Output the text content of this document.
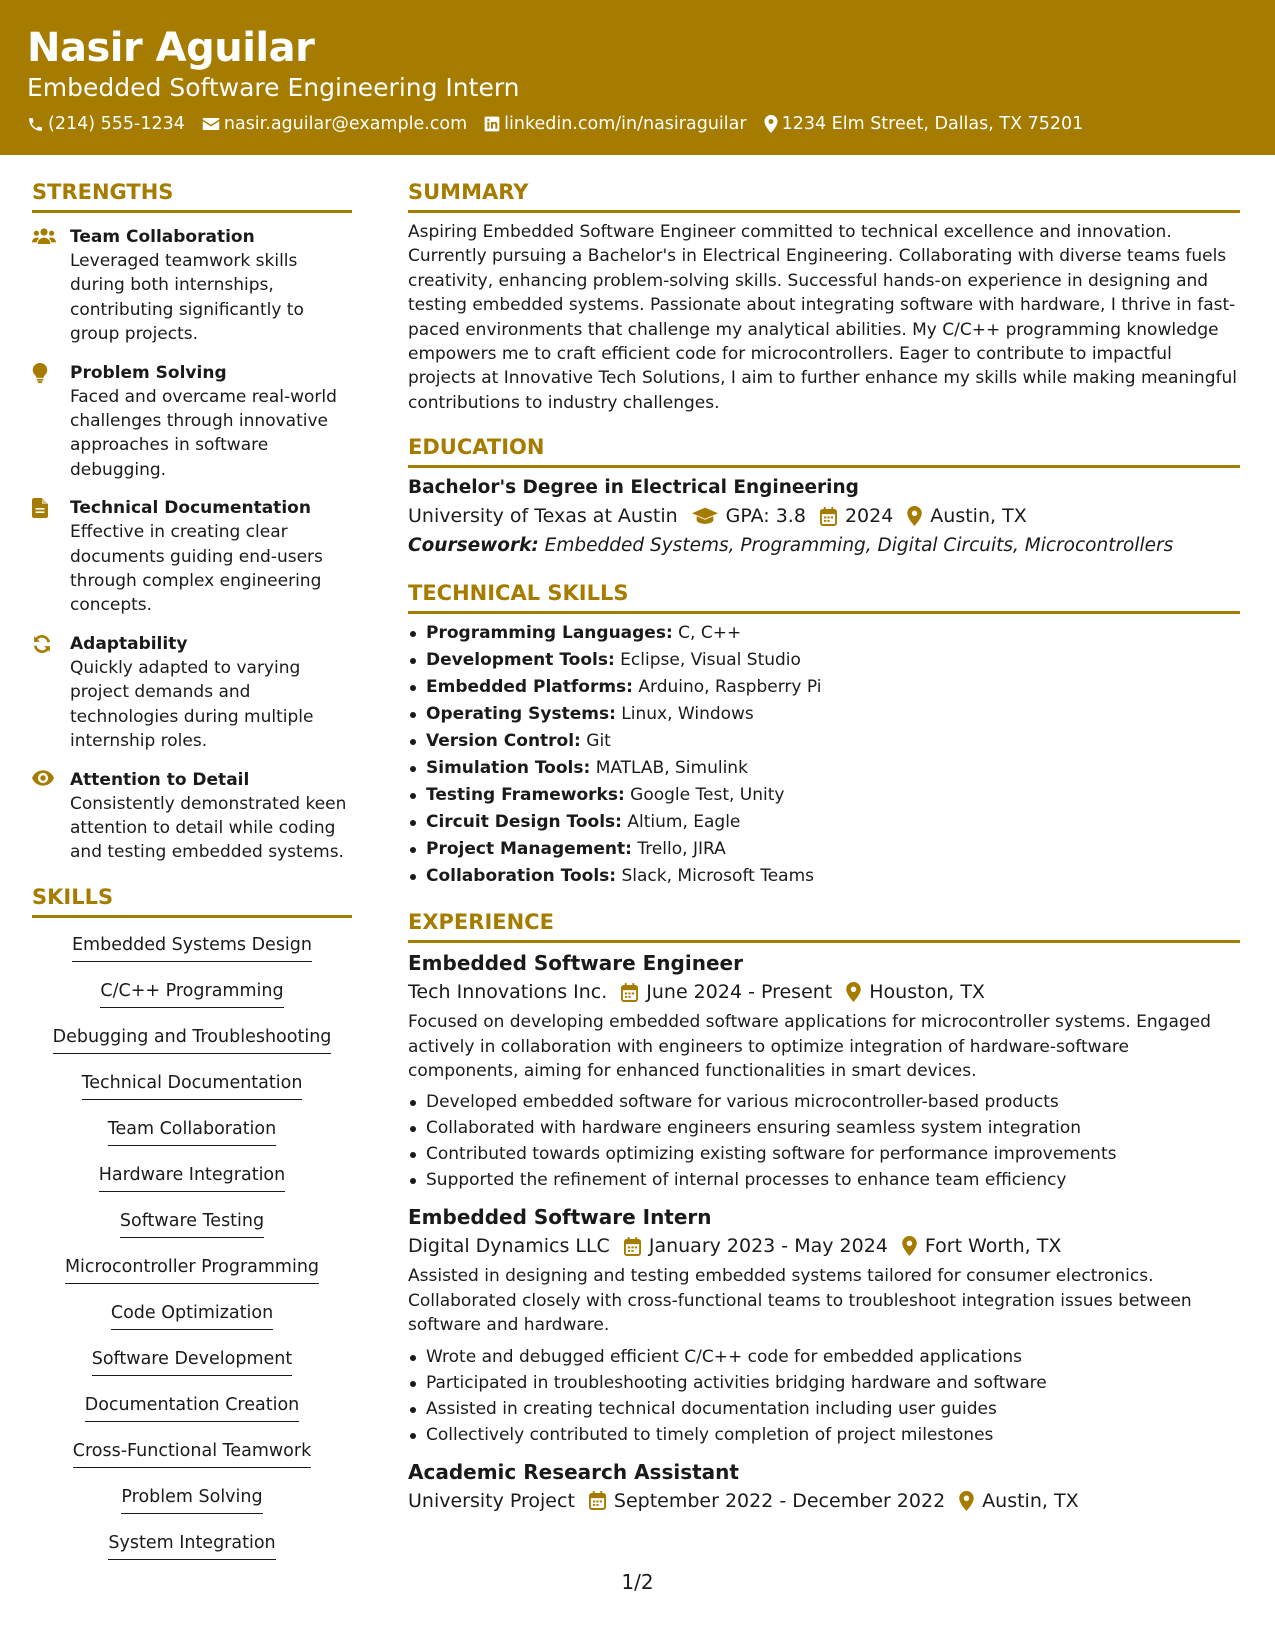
Nasir Aguilar
Embedded Software Engineering Intern
(214) 555-1234 nasir.aguilar@example.com linkedin.com/in/nasiraguilar 1234 Elm Street, Dallas, TX 75201
STRENGTHS
Team Collaboration
Leveraged teamwork skills during both internships, contributing significantly to group projects.
Problem Solving
Faced and overcame real-world challenges through innovative approaches in software debugging.
Technical Documentation
Effective in creating clear documents guiding end-users through complex engineering concepts.
Adaptability
Quickly adapted to varying project demands and technologies during multiple internship roles.
Attention to Detail
Consistently demonstrated keen attention to detail while coding and testing embedded systems.
SKILLS
Embedded Systems Design
C/C++ Programming
Debugging and Troubleshooting
Technical Documentation
Team Collaboration
Hardware Integration
Software Testing
Microcontroller Programming
Code Optimization
Software Development
Documentation Creation
Cross-Functional Teamwork
Problem Solving
System Integration
SUMMARY
Aspiring Embedded Software Engineer committed to technical excellence and innovation. Currently pursuing a Bachelor's in Electrical Engineering. Collaborating with diverse teams fuels creativity, enhancing problem-solving skills. Successful hands-on experience in designing and testing embedded systems. Passionate about integrating software with hardware, I thrive in fast-paced environments that challenge my analytical abilities. My C/C++ programming knowledge empowers me to craft efficient code for microcontrollers. Eager to contribute to impactful projects at Innovative Tech Solutions, I aim to further enhance my skills while making meaningful contributions to industry challenges.
EDUCATION
Bachelor's Degree in Electrical Engineering
University of Texas at Austin	GPA: 3.8 2024 Austin, TX
Coursework: Embedded Systems, Programming, Digital Circuits, Microcontrollers
TECHNICAL SKILLS
Programming Languages: C, C++
Development Tools: Eclipse, Visual Studio
Embedded Platforms: Arduino, Raspberry Pi
Operating Systems: Linux, Windows
Version Control: Git
Simulation Tools: MATLAB, Simulink
Testing Frameworks: Google Test, Unity
Circuit Design Tools: Altium, Eagle
Project Management: Trello, JIRA
Collaboration Tools: Slack, Microsoft Teams
EXPERIENCE
Embedded Software Engineer
Tech Innovations Inc. June 2024 - Present Houston, TX
Focused on developing embedded software applications for microcontroller systems. Engaged actively in collaboration with engineers to optimize integration of hardware-software components, aiming for enhanced functionalities in smart devices.
Developed embedded software for various microcontroller-based products
Collaborated with hardware engineers ensuring seamless system integration
Contributed towards optimizing existing software for performance improvements
Supported the refinement of internal processes to enhance team efficiency
Embedded Software Intern
Digital Dynamics LLC January 2023 - May 2024 Fort Worth, TX
Assisted in designing and testing embedded systems tailored for consumer electronics. Collaborated closely with cross-functional teams to troubleshoot integration issues between software and hardware.
Wrote and debugged efficient C/C++ code for embedded applications
Participated in troubleshooting activities bridging hardware and software
Assisted in creating technical documentation including user guides
Collectively contributed to timely completion of project milestones
Academic Research Assistant
University Project September 2022 - December 2022 Austin, TX
1/2
